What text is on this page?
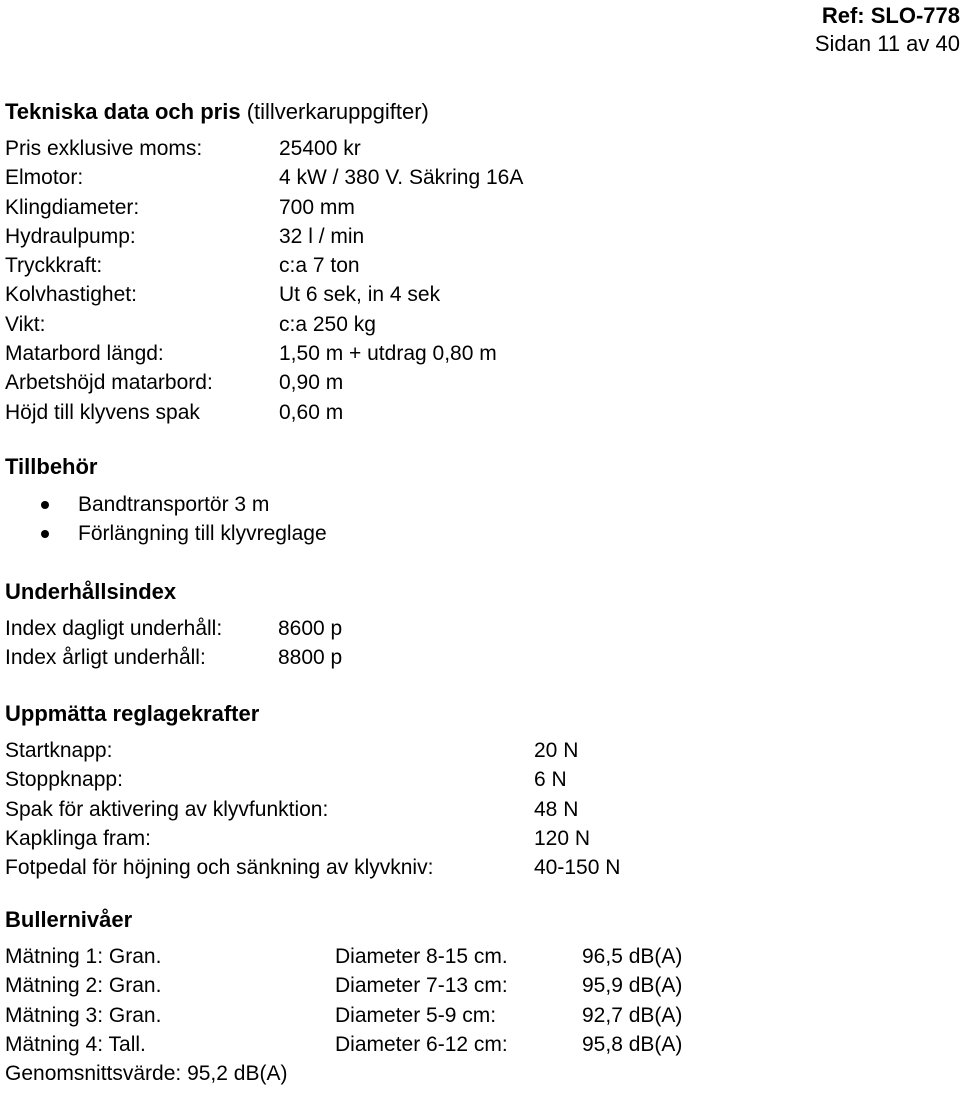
Ref: SLO-778
Sidan 11 av 40
Tekniska data och pris (tillverkaruppgifter)
Pris exklusive moms:	25400 kr
Elmotor:	4 kW / 380 V. Säkring 16A
Klingdiameter:	700 mm
Hydraulpump:	32 l / min
Tryckkraft:	c:a 7 ton
Kolvhastighet:	Ut 6 sek, in 4 sek
Vikt:	c:a 250 kg
Matarbord längd:	1,50 m + utdrag 0,80 m
Arbetshöjd matarbord:	0,90 m
Höjd till klyvens spak	0,60 m
Tillbehör
Bandtransportör 3 m
Förlängning till klyvreglage
Underhållsindex
Index dagligt underhåll:	8600 p
Index årligt underhåll:	8800 p
Uppmätta reglagekrafter
Startknapp:	20 N
Stoppknapp:	6 N
Spak för aktivering av klyvfunktion:	48 N
Kapklinga fram:	120 N
Fotpedal för höjning och sänkning av klyvkniv:	40-150 N
Bullernivåer
Mätning 1: Gran.	Diameter 8-15 cm.	96,5 dB(A)
Mätning 2: Gran.	Diameter 7-13 cm:	95,9 dB(A)
Mätning 3: Gran.	Diameter 5-9 cm:	92,7 dB(A)
Mätning 4: Tall.	Diameter 6-12 cm:	95,8 dB(A)
Genomsnittsvärde: 95,2 dB(A)
